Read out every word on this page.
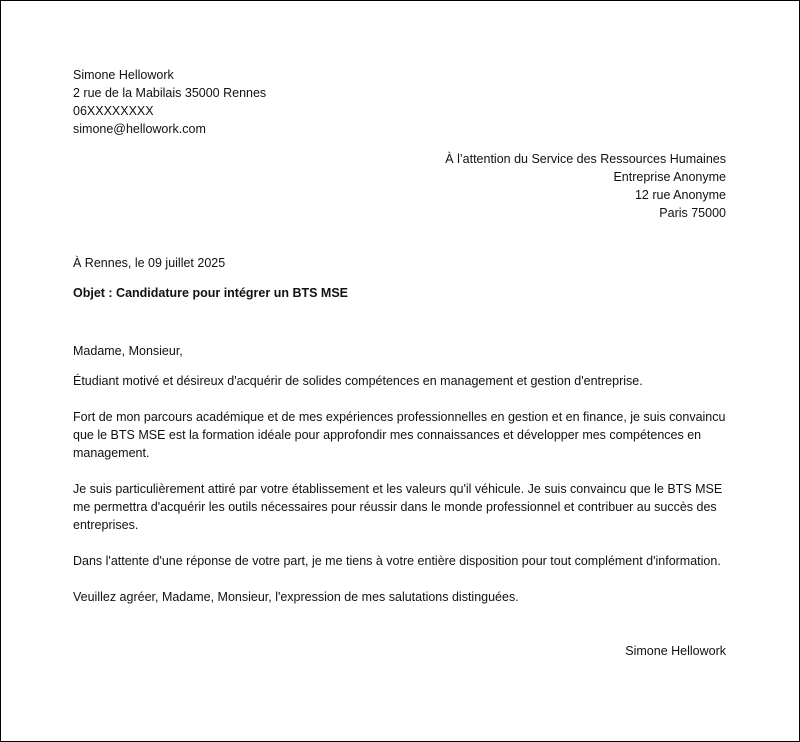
Simone Hellowork
2 rue de la Mabilais 35000 Rennes
06XXXXXXXX
simone@hellowork.com
À l’attention du Service des Ressources Humaines
Entreprise Anonyme
12 rue Anonyme
Paris 75000
À Rennes, le 09 juillet 2025
Objet : Candidature pour intégrer un BTS MSE
Madame, Monsieur,
Étudiant motivé et désireux d'acquérir de solides compétences en management et gestion d'entreprise.
Fort de mon parcours académique et de mes expériences professionnelles en gestion et en finance, je suis convaincu que le BTS MSE est la formation idéale pour approfondir mes connaissances et développer mes compétences en management.
Je suis particulièrement attiré par votre établissement et les valeurs qu'il véhicule. Je suis convaincu que le BTS MSE me permettra d'acquérir les outils nécessaires pour réussir dans le monde professionnel et contribuer au succès des entreprises.
Dans l'attente d'une réponse de votre part, je me tiens à votre entière disposition pour tout complément d'information.
Veuillez agréer, Madame, Monsieur, l'expression de mes salutations distinguées.
Simone Hellowork
